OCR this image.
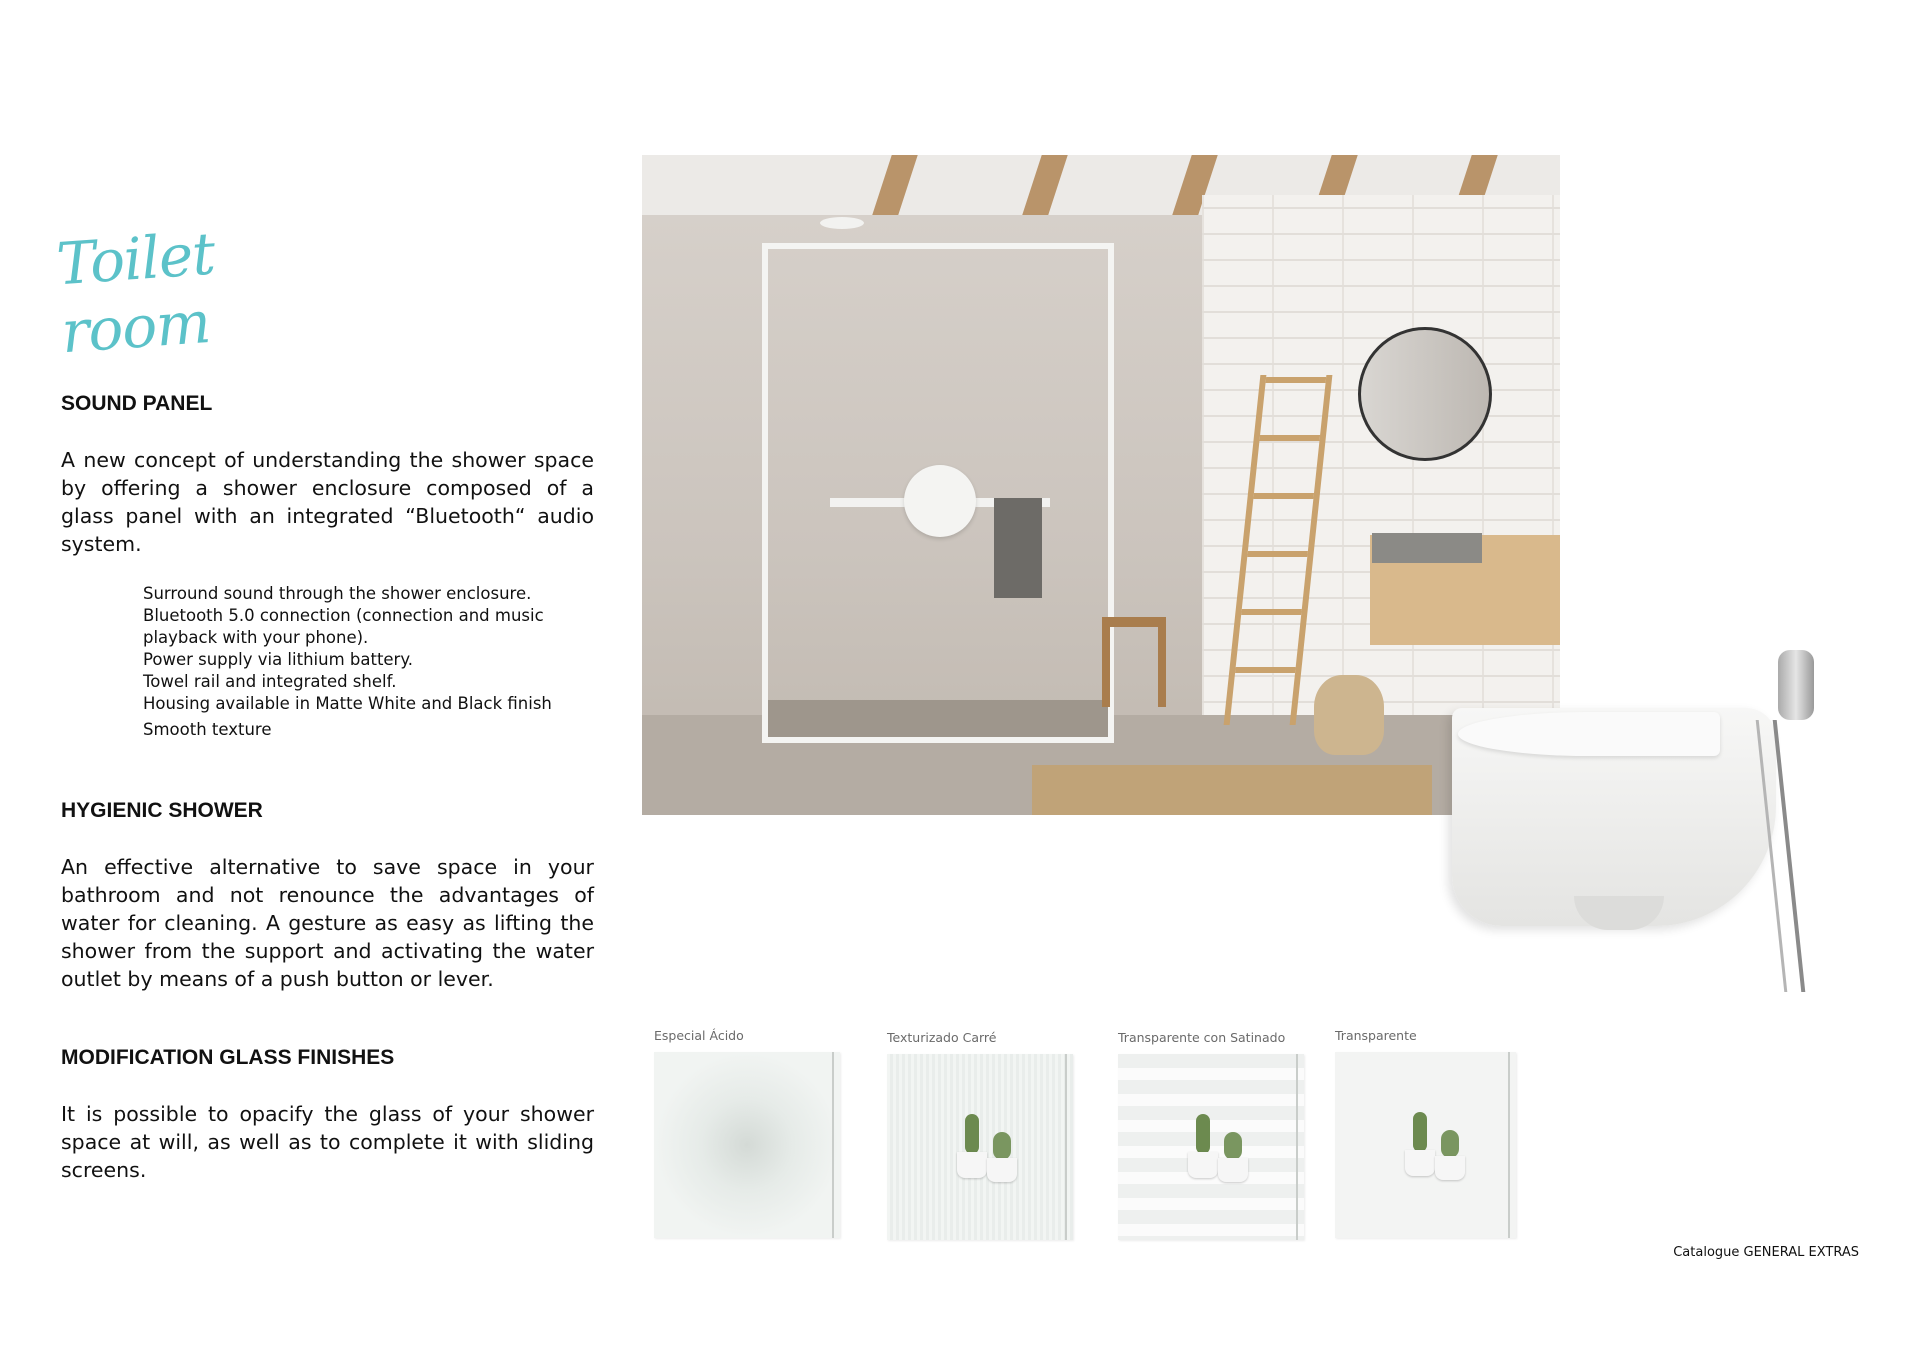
Toilet room
SOUND PANEL

A new concept of understanding the shower space by offering a shower enclosure composed of a glass panel with an integrated “Bluetooth“ audio system.

Surround sound through the shower enclosure.
Bluetooth 5.0 connection (connection and music
playback with your phone).
Power supply via lithium battery.
Towel rail and integrated shelf.
Housing available in Matte White and Black finish
Smooth texture
HYGIENIC SHOWER

An effective alternative to save space in your bathroom and not renounce the advantages of water for cleaning. A gesture as easy as lifting the shower from the support and activating the water outlet by means of a push button or lever.

MODIFICATION GLASS FINISHES

It is possible to opacify the glass of your shower space at will, as well as to complete it with sliding screens.

Especial Ácido	Texturizado Carré	Transparente con Satinado	Transparente
Catalogue GENERAL EXTRAS
